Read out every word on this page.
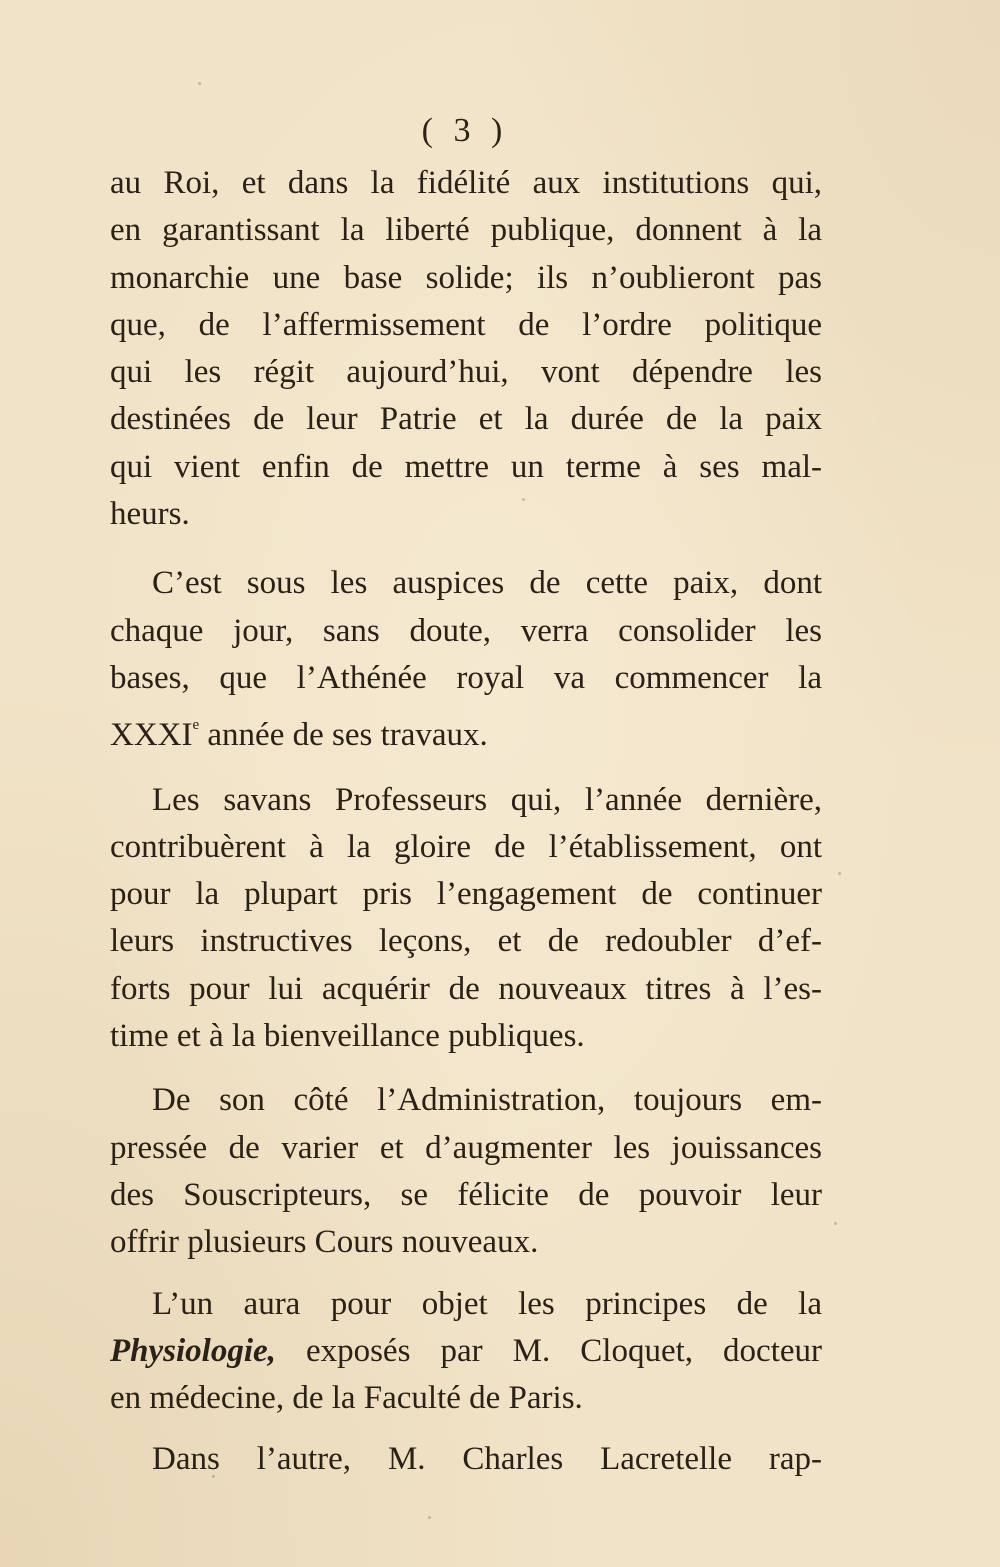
( 3 )
au Roi, et dans la fidélité aux institutions qui,
en garantissant la liberté publique, donnent à la
monarchie une base solide; ils n’oublieront pas
que, de l’affermissement de l’ordre politique
qui les régit aujourd’hui, vont dépendre les
destinées de leur Patrie et la durée de la paix
qui vient enfin de mettre un terme à ses mal-
heurs.
C’est sous les auspices de cette paix, dont
chaque jour, sans doute, verra consolider les
bases, que l’Athénée royal va commencer la
XXXIe année de ses travaux.
Les savans Professeurs qui, l’année dernière,
contribuèrent à la gloire de l’établissement, ont
pour la plupart pris l’engagement de continuer
leurs instructives leçons, et de redoubler d’ef-
forts pour lui acquérir de nouveaux titres à l’es-
time et à la bienveillance publiques.
De son côté l’Administration, toujours em-
pressée de varier et d’augmenter les jouissances
des Souscripteurs, se félicite de pouvoir leur
offrir plusieurs Cours nouveaux.
L’un aura pour objet les principes de la
Physiologie, exposés par M. Cloquet, docteur
en médecine, de la Faculté de Paris.
Dans l’autre, M. Charles Lacretelle rap-
